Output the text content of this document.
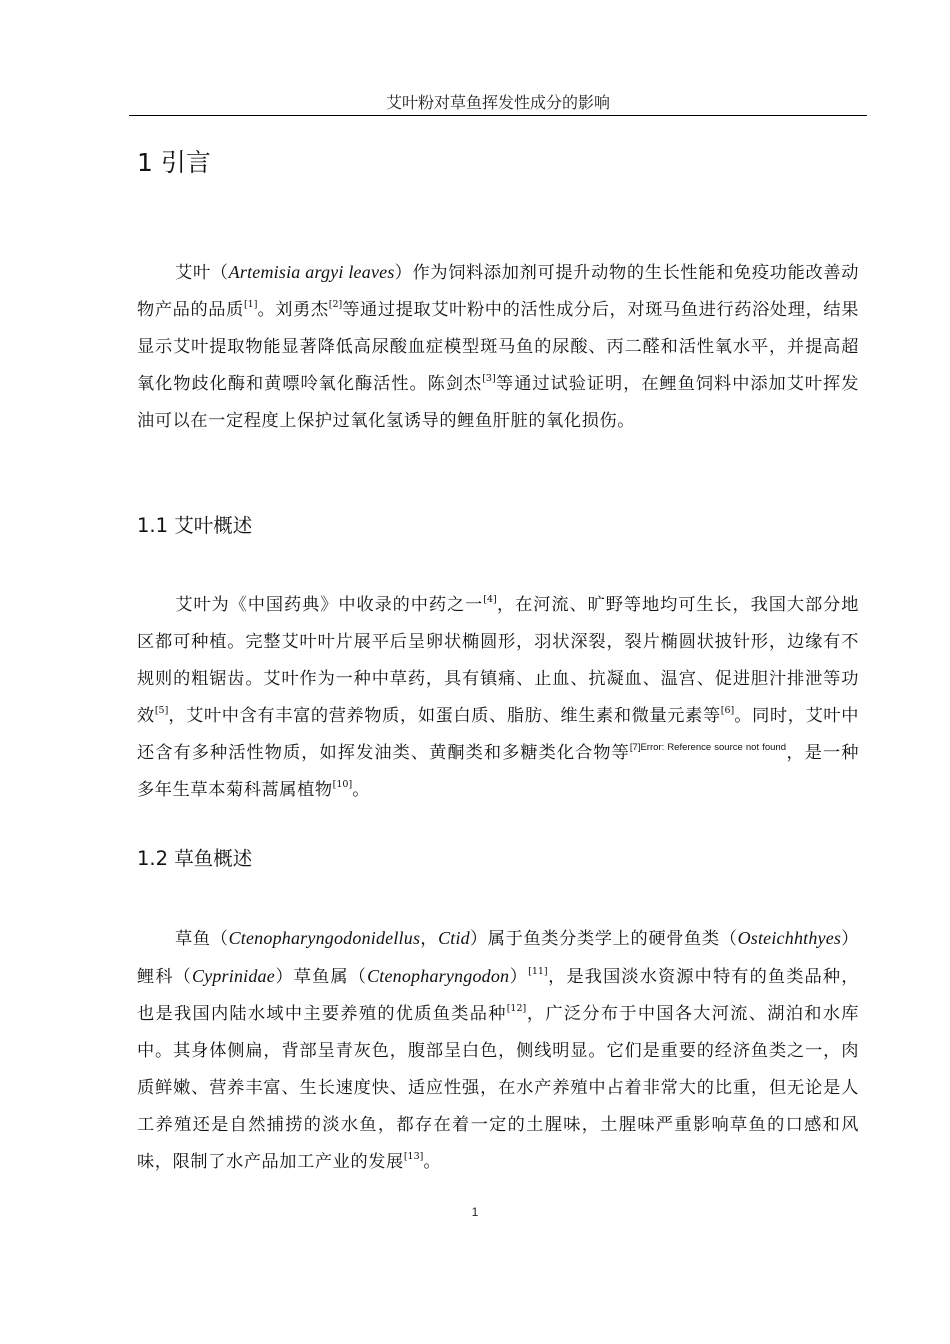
艾叶粉对草鱼挥发性成分的影响
1 引言

艾叶（Artemisia argyi leaves）作为饲料添加剂可提升动物的生长性能和免疫功能改善动物产品的品质[1]。刘勇杰[2]等通过提取艾叶粉中的活性成分后，对斑马鱼进行药浴处理，结果显示艾叶提取物能显著降低高尿酸血症模型斑马鱼的尿酸、丙二醛和活性氧水平，并提高超氧化物歧化酶和黄嘌呤氧化酶活性。陈剑杰[3]等通过试验证明，在鲤鱼饲料中添加艾叶挥发油可以在一定程度上保护过氧化氢诱导的鲤鱼肝脏的氧化损伤。

1.1 艾叶概述

艾叶为《中国药典》中收录的中药之一[4]，在河流、旷野等地均可生长，我国大部分地区都可种植。完整艾叶叶片展平后呈卵状椭圆形，羽状深裂，裂片椭圆状披针形，边缘有不规则的粗锯齿。艾叶作为一种中草药，具有镇痛、止血、抗凝血、温宫、促进胆汁排泄等功效[5]，艾叶中含有丰富的营养物质，如蛋白质、脂肪、维生素和微量元素等[6]。同时，艾叶中还含有多种活性物质，如挥发油类、黄酮类和多糖类化合物等$^{[7]Error: Reference source not found}$，是一种多年生草本菊科蒿属植物[10]。

1.2 草鱼概述

草鱼（Ctenopharyngodonidellus，Ctid）属于鱼类分类学上的硬骨鱼类（Osteichhthyes）鲤科（Cyprinidae）草鱼属（Ctenopharyngodon）[11]，是我国淡水资源中特有的鱼类品种，也是我国内陆水域中主要养殖的优质鱼类品种[12]，广泛分布于中国各大河流、湖泊和水库中。其身体侧扁，背部呈青灰色，腹部呈白色，侧线明显。它们是重要的经济鱼类之一，肉质鲜嫩、营养丰富、生长速度快、适应性强，在水产养殖中占着非常大的比重，但无论是人工养殖还是自然捕捞的淡水鱼，都存在着一定的土腥味，土腥味严重影响草鱼的口感和风味，限制了水产品加工产业的发展[13]。

1
